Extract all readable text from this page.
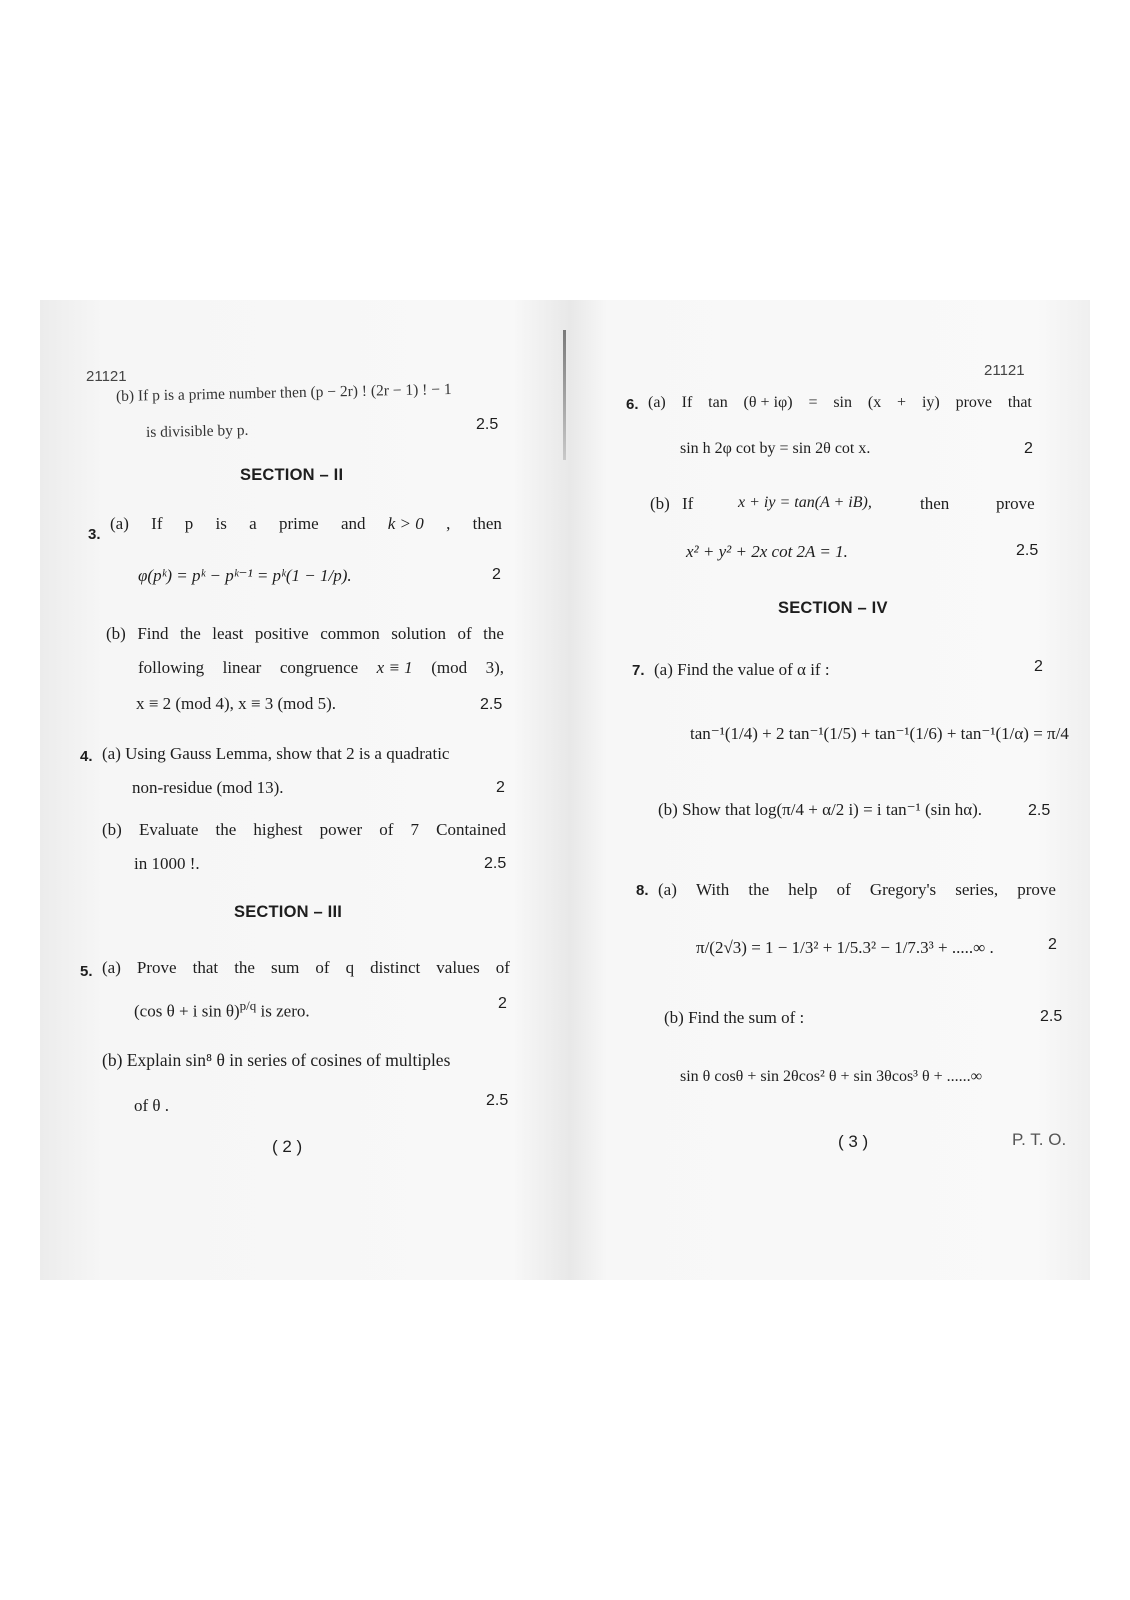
21121
(b) If p is a prime number then (p − 2r) ! (2r − 1) ! − 1
is divisible by p.	2.5
SECTION – II
3.
(a) If p is a prime and k > 0 , then
φ(pᵏ) = pᵏ − pᵏ⁻¹ = pᵏ(1 − 1/p).	2
(b) Find the least positive common solution of the
following linear congruence x ≡ 1 (mod 3),
x ≡ 2 (mod 4), x ≡ 3 (mod 5).	2.5
4. (a) Using Gauss Lemma, show that 2 is a quadratic
non-residue (mod 13).	2
(b) Evaluate the highest power of 7 Contained
in 1000 !.	2.5
SECTION – III
5. (a) Prove that the sum of q distinct values of
(cos θ + i sin θ)$^{p/q}$ is zero.	2
(b) Explain sin⁸ θ in series of cosines of multiples
of θ .	2.5
( 2 )
21121
6. (a) If tan (θ + iφ) = sin (x + iy) prove that
sin h 2φ cot by = sin 2θ cot x.	2
(b) If	x + iy = tan(A + iB),	then	prove
x² + y² + 2x cot 2A = 1.	2.5
SECTION – IV
7. (a) Find the value of α if :	2
tan⁻¹(1/4) + 2 tan⁻¹(1/5) + tan⁻¹(1/6) + tan⁻¹(1/α) = π/4
(b) Show that log(π/4 + α/2 i) = i tan⁻¹ (sin hα).	2.5
8. (a) With the help of Gregory's series, prove
π/(2√3) = 1 − 1/3² + 1/5.3² − 1/7.3³ + .....∞ .	2
(b) Find the sum of :	2.5
sin θ cosθ + sin 2θcos² θ + sin 3θcos³ θ + ......∞
( 3 )	P. T. O.
